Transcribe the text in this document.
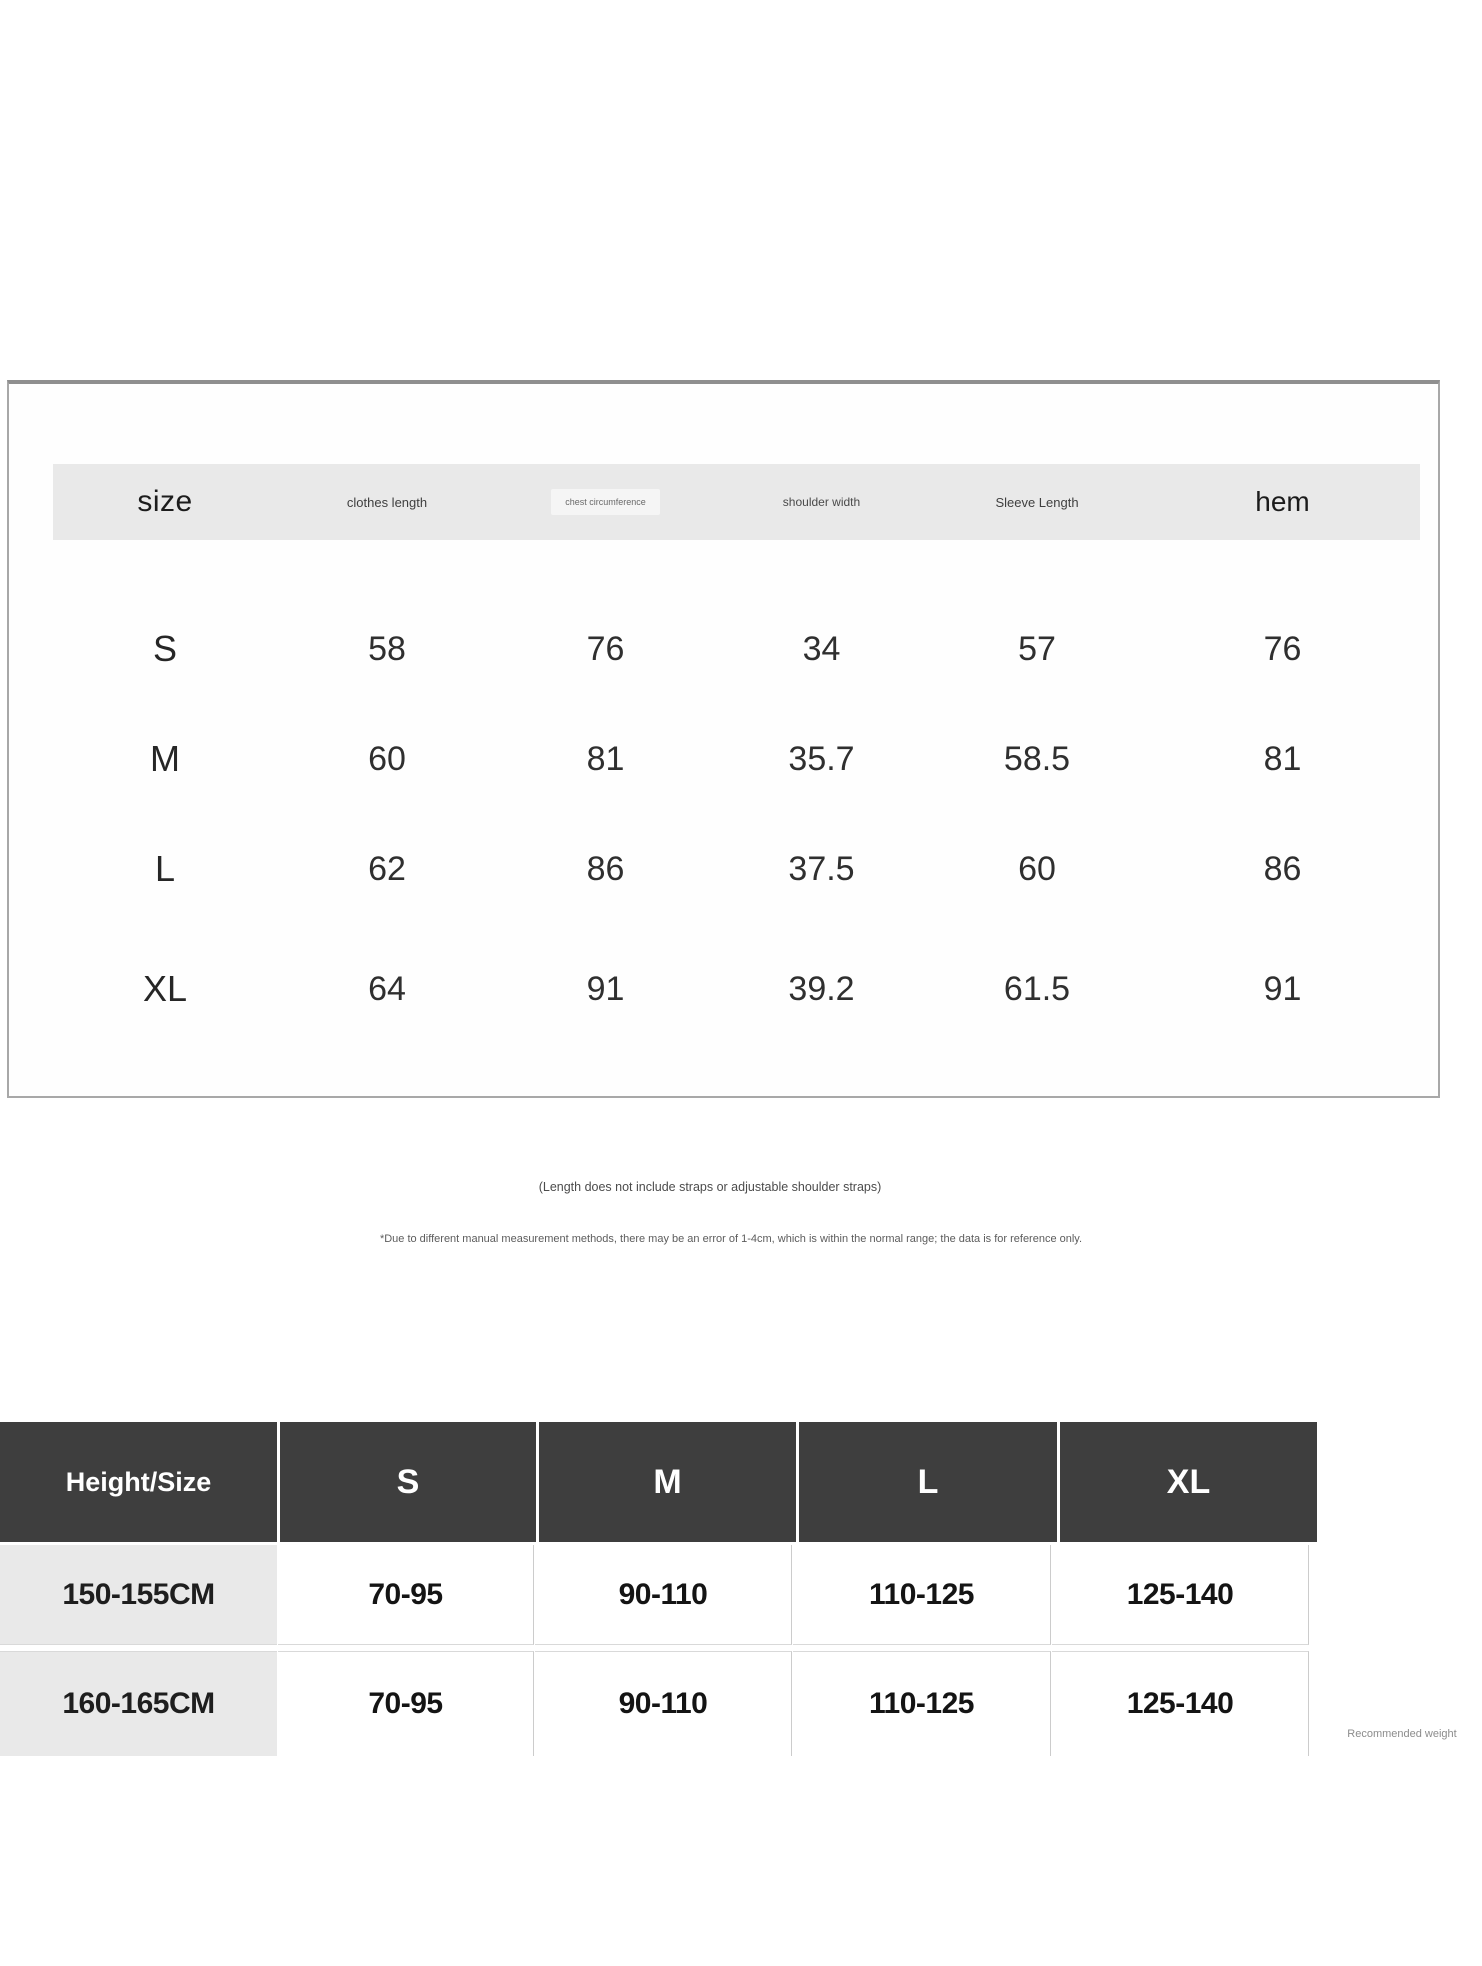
size	clothes length	chest circumference	shoulder width	Sleeve Length	hem
S	58	76	34	57	76
M	60	81	35.7	58.5	81
L	62	86	37.5	60	86
XL	64	91	39.2	61.5	91
(Length does not include straps or adjustable shoulder straps)
*Due to different manual measurement methods, there may be an error of 1-4cm, which is within the normal range; the data is for reference only.
Height/Size	S	M	L	XL
150-155CM	70-95	90-110	110-125	125-140
160-165CM	70-95	90-110	110-125	125-140
Recommended weight
